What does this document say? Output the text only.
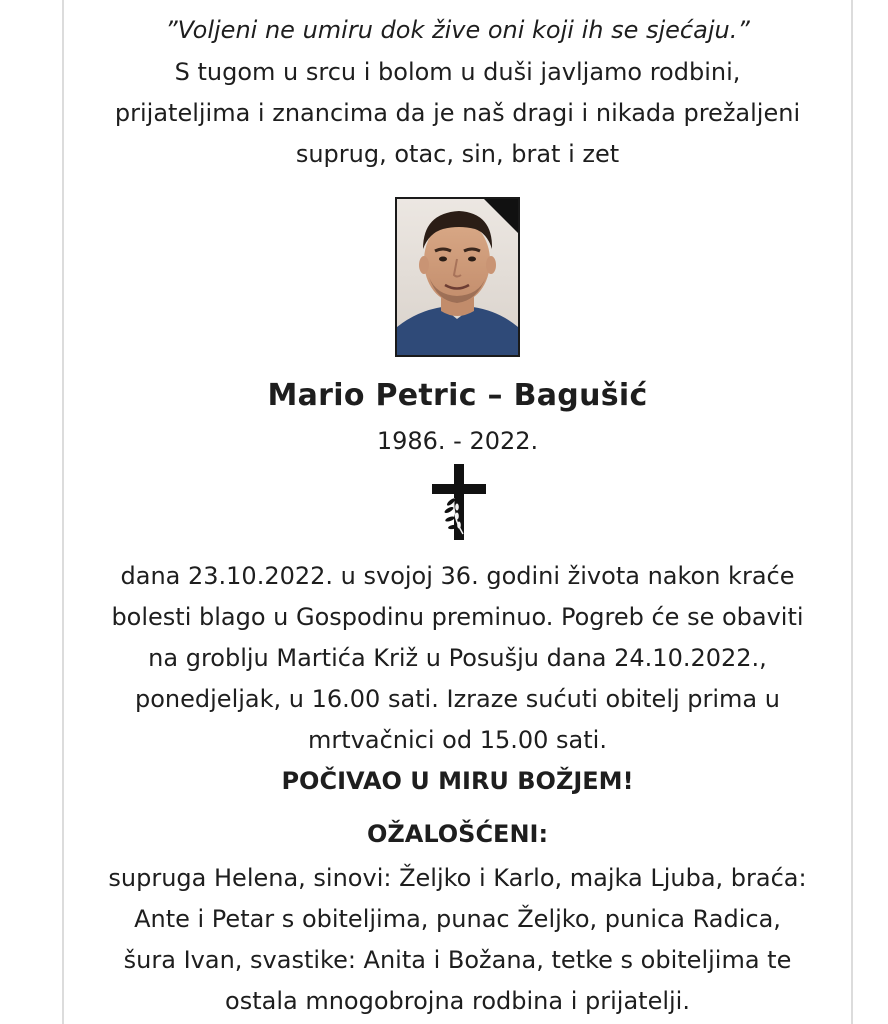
”Voljeni ne umiru dok žive oni koji ih se sjećaju.”
S tugom u srcu i bolom u duši javljamo rodbini,
prijateljima i znancima da je naš dragi i nikada prežaljeni
suprug, otac, sin, brat i zet
Mario Petric – Bagušić
1986. - 2022.
dana 23.10.2022. u svojoj 36. godini života nakon kraće
bolesti blago u Gospodinu preminuo. Pogreb će se obaviti
na groblju Martića Križ u Posušju dana 24.10.2022.,
ponedjeljak, u 16.00 sati. Izraze sućuti obitelj prima u
mrtvačnici od 15.00 sati.
POČIVAO U MIRU BOŽJEM!
OŽALOŠĆENI:
supruga Helena, sinovi: Željko i Karlo, majka Ljuba, braća:
Ante i Petar s obiteljima, punac Željko, punica Radica,
šura Ivan, svastike: Anita i Božana, tetke s obiteljima te
ostala mnogobrojna rodbina i prijatelji.
